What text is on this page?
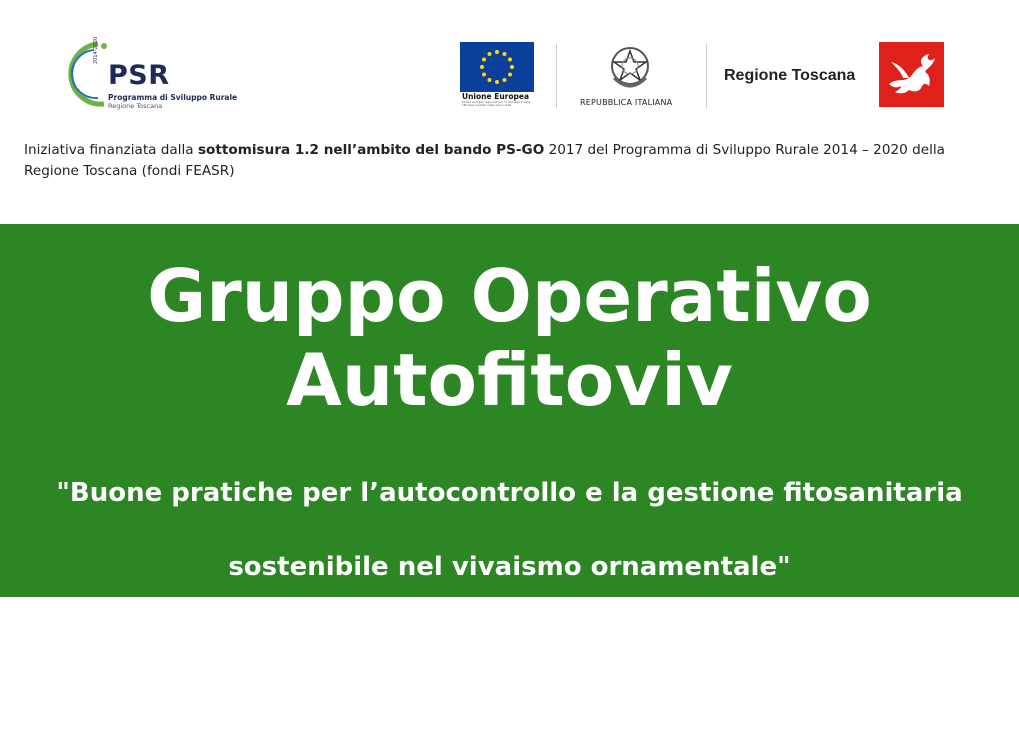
2014-2020
PSR
Programma di Sviluppo Rurale
Regione Toscana
Unione Europea
Fondo europeo agricolo per lo sviluppo rurale: l'Europa investe nelle zone rurali	REPUBBLICA ITALIANA
Regione Toscana
Iniziativa finanziata dalla sottomisura 1.2 nell’ambito del bando PS-GO 2017 del Programma di Sviluppo Rurale 2014 – 2020 della Regione Toscana (fondi FEASR)
Gruppo Operativo
Autofitoviv
"Buone pratiche per l’autocontrollo e la gestione fitosanitaria
sostenibile nel vivaismo ornamentale"
